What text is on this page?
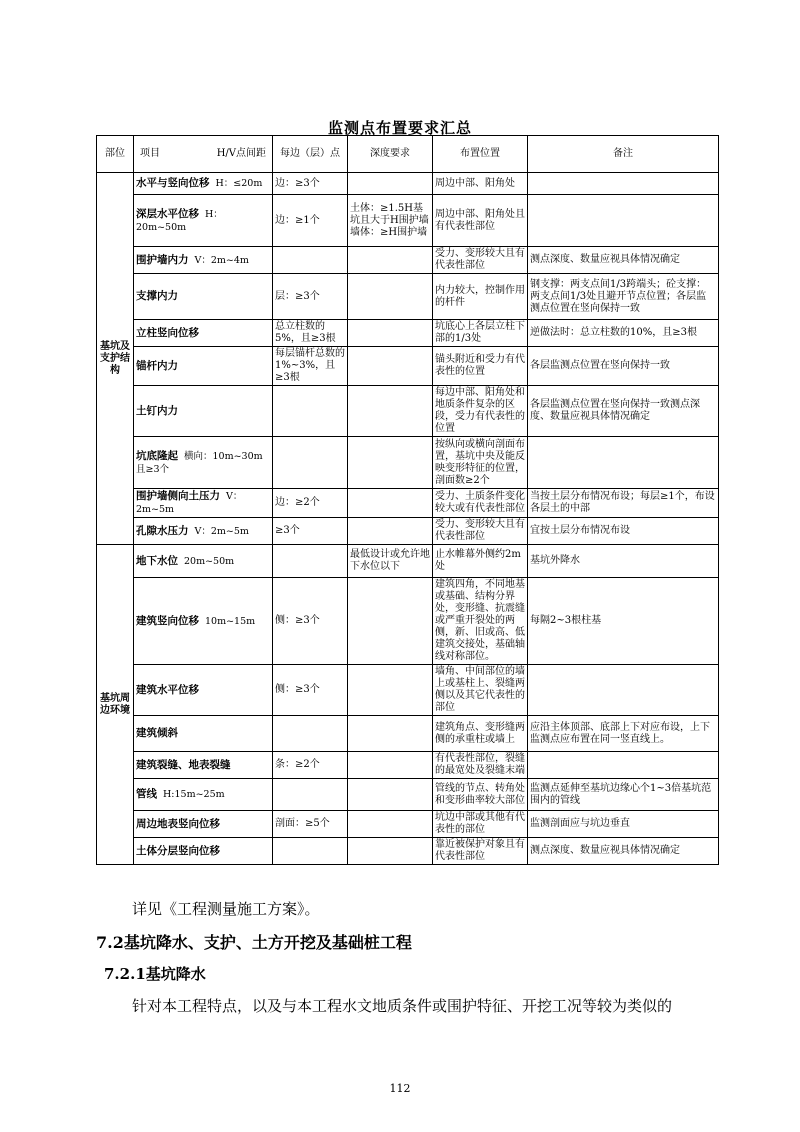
监测点布置要求汇总
部位	项目 H/V点间距	每边（层）点	深度要求	布置位置	备注
基坑及支护结构	水平与竖向位移 H：≤20m	边：≥3个		周边中部、阳角处	
	深层水平位移 H：20m~50m	边：≥1个	土体：≥1.5H基坑且大于H围护墙墙体：≥H围护墙	周边中部、阳角处且有代表性部位	
	围护墙内力 V：2m~4m			受力、变形较大且有代表性部位	测点深度、数量应视具体情况确定
	支撑内力	层：≥3个		内力较大，控制作用的杆件	钢支撑：两支点间1/3跨端头；砼支撑：两支点间1/3处且避开节点位置；各层监测点位置在竖向保持一致
	立柱竖向位移	总立柱数的5%，且≥3根		坑底心上各层立柱下部的1/3处	逆做法时：总立柱数的10%，且≥3根
	锚杆内力	每层锚杆总数的1%~3%，且≥3根		锚头附近和受力有代表性的位置	各层监测点位置在竖向保持一致
	土钉内力			每边中部、阳角处和地质条件复杂的区段，受力有代表性的位置	各层监测点位置在竖向保持一致测点深度、数量应视具体情况确定
	坑底隆起 横向：10m~30m且≥3个			按纵向或横向剖面布置，基坑中央及能反映变形特征的位置，剖面数≥2个	
	围护墙侧向土压力 V：2m~5m	边：≥2个		受力、土质条件变化较大或有代表性部位	当按土层分布情况布设；每层≥1个，布设各层土的中部
	孔隙水压力 V：2m~5m	≥3个		受力、变形较大且有代表性部位	宜按土层分布情况布设
基坑周边环境	地下水位 20m~50m		最低设计或允许地下水位以下	止水帷幕外侧约2m处	基坑外降水
	建筑竖向位移 10m~15m	侧：≥3个		建筑四角，不同地基或基础、结构分界处，变形缝、抗震缝或严重开裂处的两侧，新、旧或高、低建筑交接处，基础轴线对称部位。	每隔2~3根柱基
	建筑水平位移	侧：≥3个		墙角、中间部位的墙上或基柱上、裂缝两侧以及其它代表性的部位	
	建筑倾斜			建筑角点、变形缝两侧的承重柱或墙上	应沿主体顶部、底部上下对应布设，上下监测点应布置在同一竖直线上。
	建筑裂缝、地表裂缝	条：≥2个		有代表性部位，裂缝的最宽处及裂缝末端	
	管线 H:15m~25m			管线的节点、转角处和变形曲率较大部位	监测点延伸至基坑边缘心个1~3倍基坑范围内的管线
	周边地表竖向位移	剖面：≥5个		坑边中部或其他有代表性的部位	监测剖面应与坑边垂直
	土体分层竖向位移			靠近被保护对象且有代表性部位	测点深度、数量应视具体情况确定
详见《工程测量施工方案》。
7.2基坑降水、支护、土方开挖及基础桩工程
7.2.1基坑降水
针对本工程特点，以及与本工程水文地质条件或围护特征、开挖工况等较为类似的
112
